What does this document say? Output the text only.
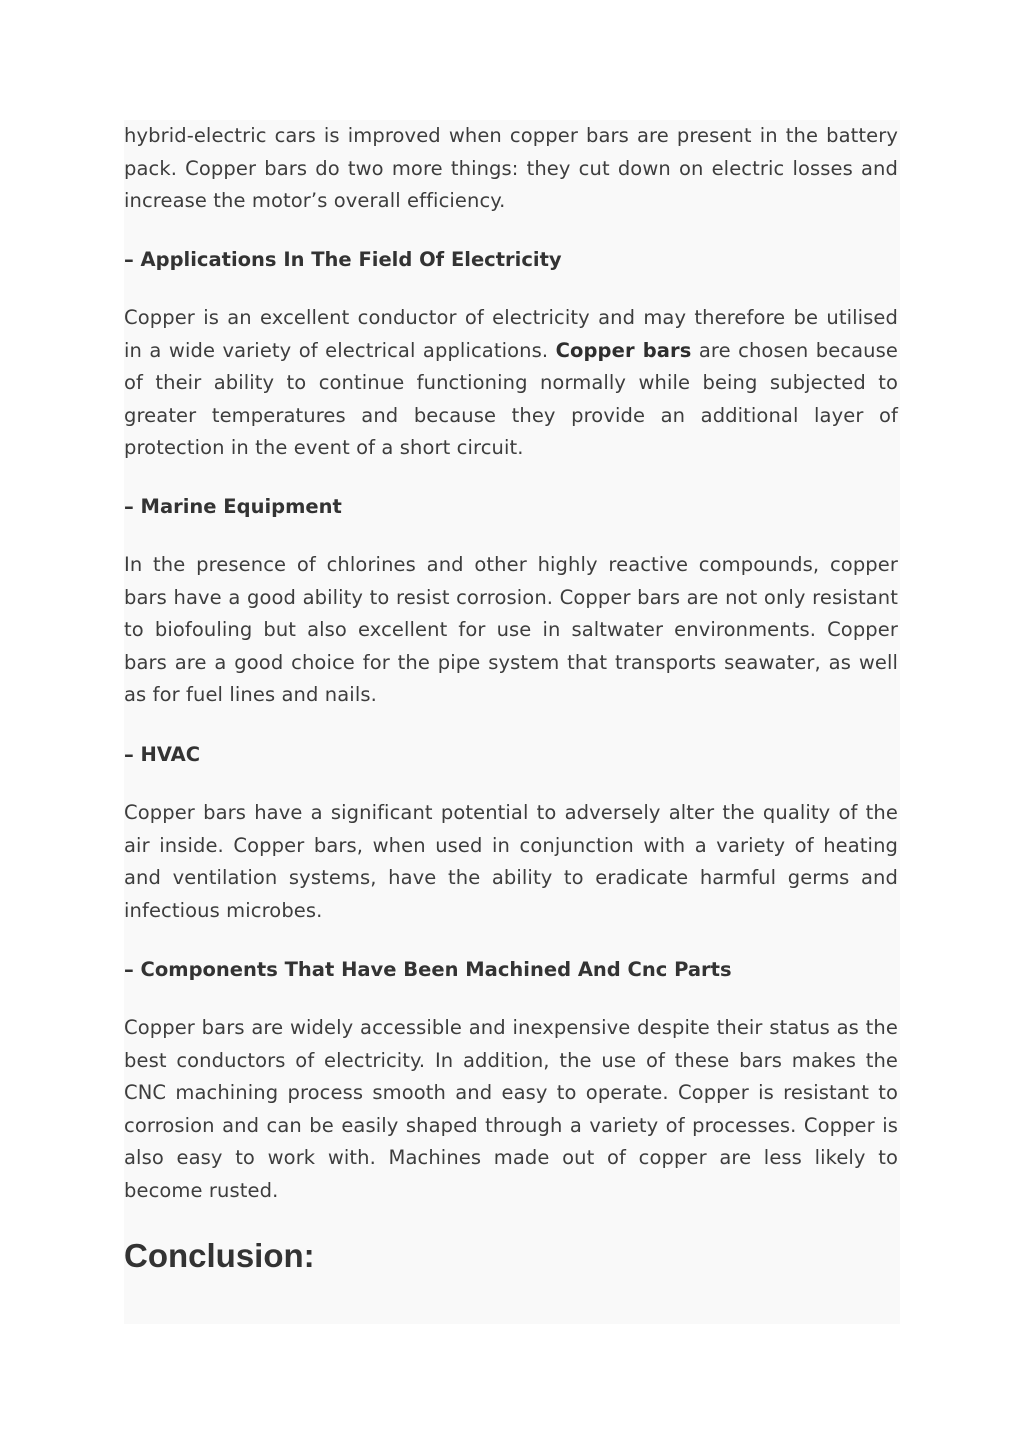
hybrid-electric cars is improved when copper bars are present in the battery pack. Copper bars do two more things: they cut down on electric losses and increase the motor’s overall efficiency.

– Applications In The Field Of Electricity

Copper is an excellent conductor of electricity and may therefore be utilised in a wide variety of electrical applications. Copper bars are chosen because of their ability to continue functioning normally while being subjected to greater temperatures and because they provide an additional layer of protection in the event of a short circuit.

– Marine Equipment

In the presence of chlorines and other highly reactive compounds, copper bars have a good ability to resist corrosion. Copper bars are not only resistant to biofouling but also excellent for use in saltwater environments. Copper bars are a good choice for the pipe system that transports seawater, as well as for fuel lines and nails.

– HVAC

Copper bars have a significant potential to adversely alter the quality of the air inside. Copper bars, when used in conjunction with a variety of heating and ventilation systems, have the ability to eradicate harmful germs and infectious microbes.

– Components That Have Been Machined And Cnc Parts

Copper bars are widely accessible and inexpensive despite their status as the best conductors of electricity. In addition, the use of these bars makes the CNC machining process smooth and easy to operate. Copper is resistant to corrosion and can be easily shaped through a variety of processes. Copper is also easy to work with. Machines made out of copper are less likely to become rusted.

Conclusion:
